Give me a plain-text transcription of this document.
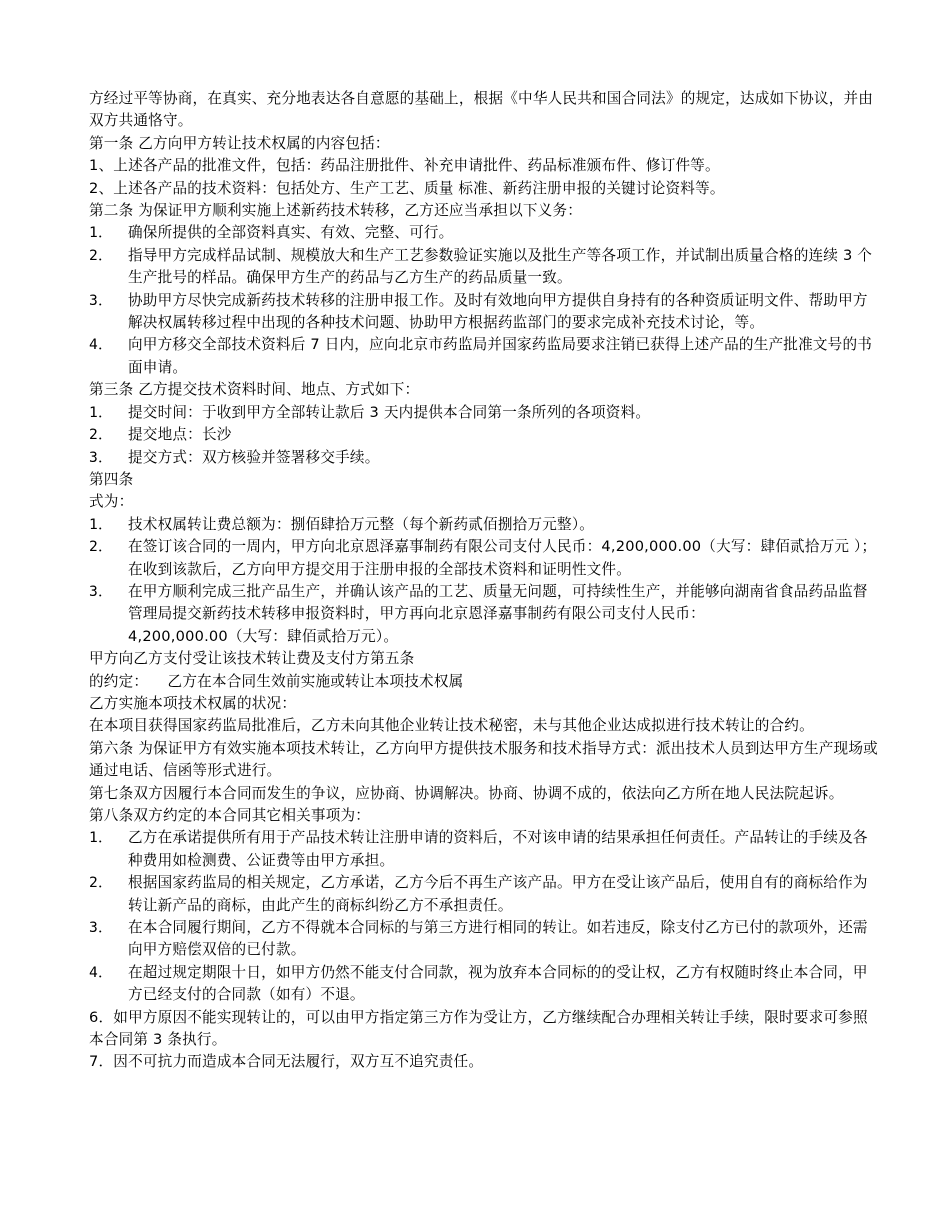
方经过平等协商，在真实、充分地表达各自意愿的基础上，根据《中华人民共和国合同法》的规定，达成如下协议，并由双方共通恪守。

第一条 乙方向甲方转让技术权属的内容包括：

1、上述各产品的批准文件，包括：药品注册批件、补充申请批件、药品标准颁布件、修订件等。

2、上述各产品的技术资料：包括处方、生产工艺、质量 标准、新药注册申报的关键讨论资料等。

第二条 为保证甲方顺利实施上述新药技术转移，乙方还应当承担以下义务：

1． 确保所提供的全部资料真实、有效、完整、可行。
2． 指导甲方完成样品试制、规模放大和生产工艺参数验证实施以及批生产等各项工作，并试制出质量合格的连续 3 个生产批号的样品。确保甲方生产的药品与乙方生产的药品质量一致。
3． 协助甲方尽快完成新药技术转移的注册申报工作。及时有效地向甲方提供自身持有的各种资质证明文件、帮助甲方解决权属转移过程中出现的各种技术问题、协助甲方根据药监部门的要求完成补充技术讨论，等。
4． 向甲方移交全部技术资料后 7 日内，应向北京市药监局并国家药监局要求注销已获得上述产品的生产批准文号的书面申请。

第三条 乙方提交技术资料时间、地点、方式如下：

1． 提交时间：于收到甲方全部转让款后 3 天内提供本合同第一条所列的各项资料。
2． 提交地点：长沙
3． 提交方式：双方核验并签署移交手续。

第四条

式为：

1． 技术权属转让费总额为：捌佰肆拾万元整（每个新药贰佰捌拾万元整）。
2． 在签订该合同的一周内，甲方向北京恩泽嘉事制药有限公司支付人民币：4,200,000.00（大写：肆佰贰拾万元 ）；在收到该款后，乙方向甲方提交用于注册申报的全部技术资料和证明性文件。
3． 在甲方顺利完成三批产品生产，并确认该产品的工艺、质量无问题，可持续性生产，并能够向湖南省食品药品监督管理局提交新药技术转移申报资料时，甲方再向北京恩泽嘉事制药有限公司支付人民币：

4,200,000.00（大写：肆佰贰拾万元）。

甲方向乙方支付受让该技术转让费及支付方第五条

的约定：    乙方在本合同生效前实施或转让本项技术权属

乙方实施本项技术权属的状况：

在本项目获得国家药监局批准后，乙方未向其他企业转让技术秘密，未与其他企业达成拟进行技术转让的合约。

第六条 为保证甲方有效实施本项技术转让，乙方向甲方提供技术服务和技术指导方式：派出技术人员到达甲方生产现场或通过电话、信函等形式进行。

第七条双方因履行本合同而发生的争议，应协商、协调解决。协商、协调不成的，依法向乙方所在地人民法院起诉。

第八条双方约定的本合同其它相关事项为：

1． 乙方在承诺提供所有用于产品技术转让注册申请的资料后，不对该申请的结果承担任何责任。产品转让的手续及各种费用如检测费、公证费等由甲方承担。
2． 根据国家药监局的相关规定，乙方承诺，乙方今后不再生产该产品。甲方在受让该产品后，使用自有的商标给作为转让新产品的商标，由此产生的商标纠纷乙方不承担责任。
3． 在本合同履行期间，乙方不得就本合同标的与第三方进行相同的转让。如若违反，除支付乙方已付的款项外，还需向甲方赔偿双倍的已付款。
4． 在超过规定期限十日，如甲方仍然不能支付合同款，视为放弃本合同标的的受让权，乙方有权随时终止本合同，甲方已经支付的合同款（如有）不退。

6．如甲方原因不能实现转让的，可以由甲方指定第三方作为受让方，乙方继续配合办理相关转让手续，限时要求可参照本合同第 3 条执行。

7．因不可抗力而造成本合同无法履行，双方互不追究责任。
